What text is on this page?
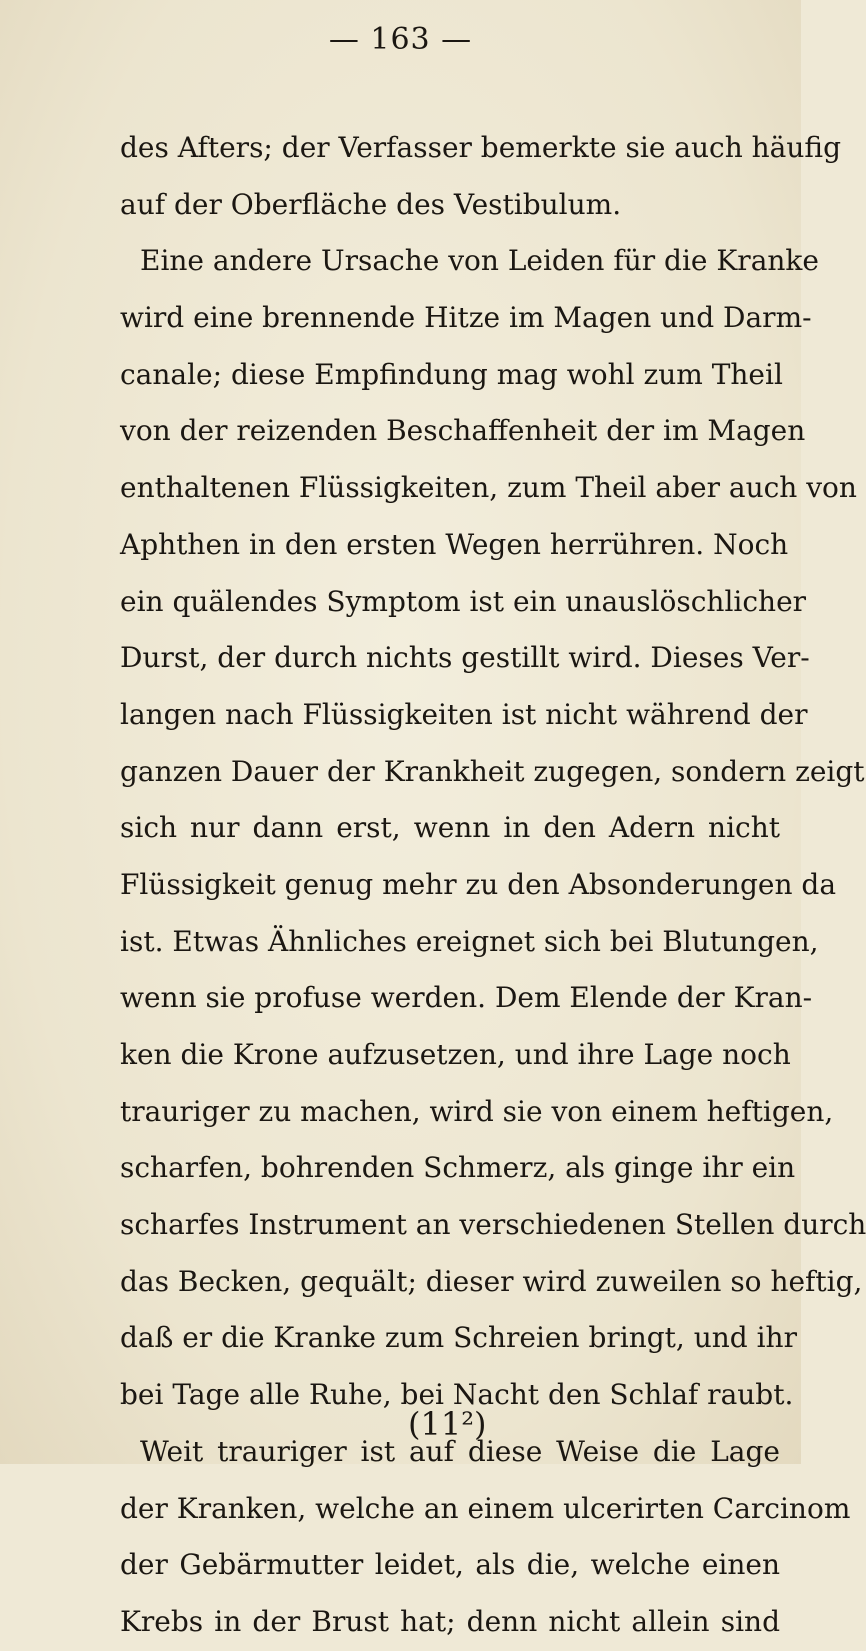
— 163 —
des Afters; der Verfasser bemerkte sie auch häufig
auf der Oberfläche des Vestibulum.
Eine andere Ursache von Leiden für die Kranke
wird eine brennende Hitze im Magen und Darm-
canale; diese Empfindung mag wohl zum Theil
von der reizenden Beschaffenheit der im Magen
enthaltenen Flüssigkeiten, zum Theil aber auch von
Aphthen in den ersten Wegen herrühren. Noch
ein quälendes Symptom ist ein unauslöschlicher
Durst, der durch nichts gestillt wird. Dieses Ver-
langen nach Flüssigkeiten ist nicht während der
ganzen Dauer der Krankheit zugegen, sondern zeigt
sich nur dann erst, wenn in den Adern nicht
Flüssigkeit genug mehr zu den Absonderungen da
ist. Etwas Ähnliches ereignet sich bei Blutungen,
wenn sie profuse werden. Dem Elende der Kran-
ken die Krone aufzusetzen, und ihre Lage noch
trauriger zu machen, wird sie von einem heftigen,
scharfen, bohrenden Schmerz, als ginge ihr ein
scharfes Instrument an verschiedenen Stellen durch
das Becken, gequält; dieser wird zuweilen so heftig,
daß er die Kranke zum Schreien bringt, und ihr
bei Tage alle Ruhe, bei Nacht den Schlaf raubt.
Weit trauriger ist auf diese Weise die Lage
der Kranken, welche an einem ulcerirten Carcinom
der Gebärmutter leidet, als die, welche einen
Krebs in der Brust hat; denn nicht allein sind
(11²)
